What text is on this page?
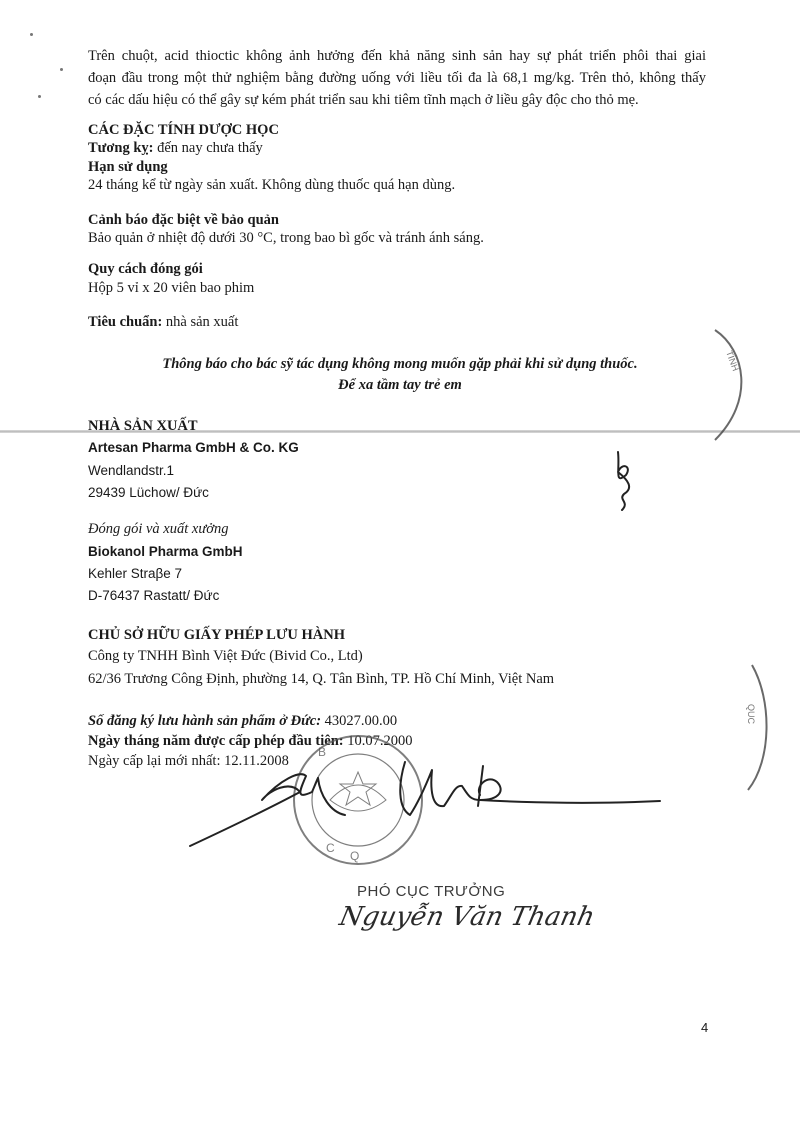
Trên chuột, acid thioctic không ảnh hưởng đến khả năng sinh sản hay sự phát triển phôi thai giai
đoạn đầu trong một thử nghiệm bằng đường uống với liều tối đa là 68,1 mg/kg. Trên thỏ, không thấy
có các dấu hiệu có thể gây sự kém phát triển sau khi tiêm tĩnh mạch ở liều gây độc cho thỏ mẹ.
CÁC ĐẶC TÍNH DƯỢC HỌC
Tương kỵ: đến nay chưa thấy
Hạn sử dụng
24 tháng kể từ ngày sản xuất. Không dùng thuốc quá hạn dùng.
Cảnh báo đặc biệt về bảo quản
Bảo quản ở nhiệt độ dưới 30 °C, trong bao bì gốc và tránh ánh sáng.
Quy cách đóng gói
Hộp 5 vỉ x 20 viên bao phim
Tiêu chuẩn: nhà sản xuất
Thông báo cho bác sỹ tác dụng không mong muốn gặp phải khi sử dụng thuốc.
Để xa tầm tay trẻ em
NHÀ SẢN XUẤT
Artesan Pharma GmbH & Co. KG
Wendlandstr.1
29439 Lüchow/ Đức
Đóng gói và xuất xưởng
Biokanol Pharma GmbH
Kehler Straβe 7
D-76437 Rastatt/ Đức
CHỦ SỞ HỮU GIẤY PHÉP LƯU HÀNH
Công ty TNHH Bình Việt Đức (Bivid Co., Ltd)
62/36 Trương Công Định, phường 14, Q. Tân Bình, TP. Hồ Chí Minh, Việt Nam
Số đăng ký lưu hành sản phẩm ở Đức: 43027.00.00
Ngày tháng năm được cấp phép đầu tiên: 10.07.2000
Ngày cấp lại mới nhất: 12.11.2008
B
C
Q
TÍNH
QUC
PHÓ CỤC TRƯỞNG
Nguyễn Văn Thanh
4
